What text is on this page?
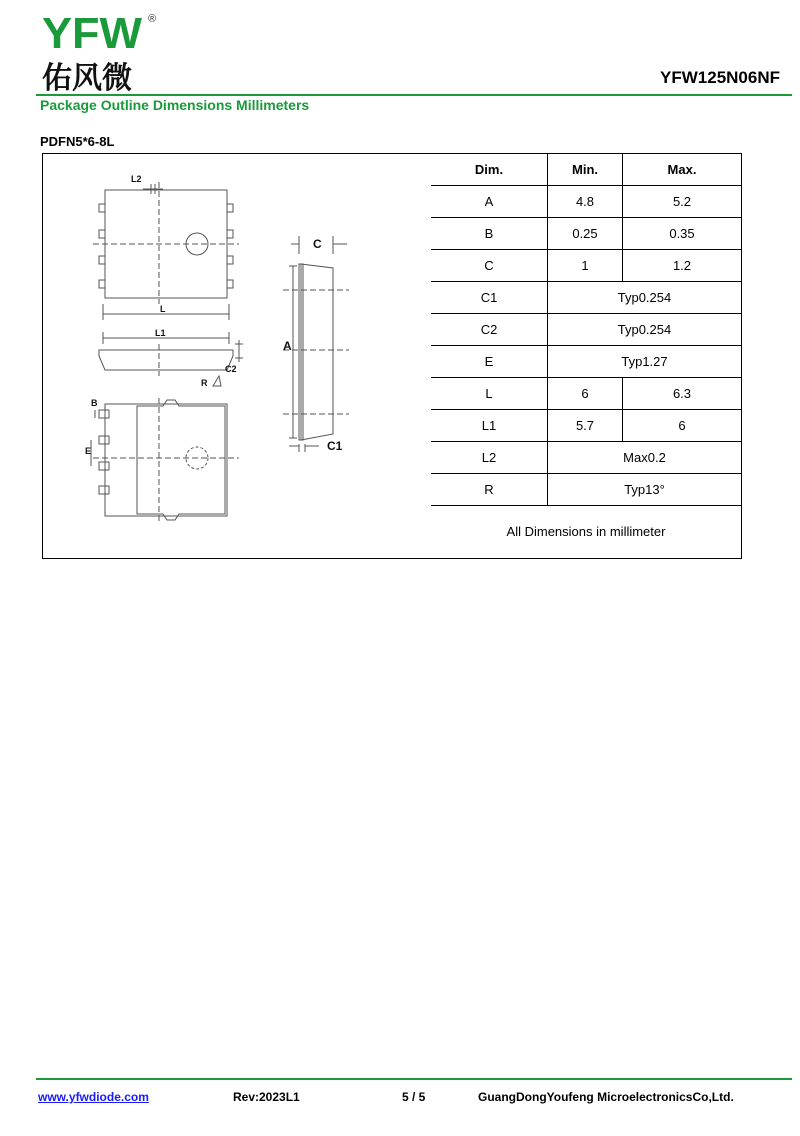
YFW ®
佑风微	YFW125N06NF
Package Outline Dimensions Millimeters
PDFN5*6-8L
L2
L
L1
C2
R
B
E
A
C
C1
Dim.	Min.	Max.
A	4.8	5.2
B	0.25	0.35
C	1	1.2
C1	Typ0.254	
C2	Typ0.254	
E	Typ1.27	
L	6	6.3
L1	5.7	6
L2	Max0.2	
R	Typ13°	
All Dimensions in millimeter		
www.yfwdiode.com	Rev:2023L1	5 / 5	GuangDongYoufeng MicroelectronicsCo,Ltd.
